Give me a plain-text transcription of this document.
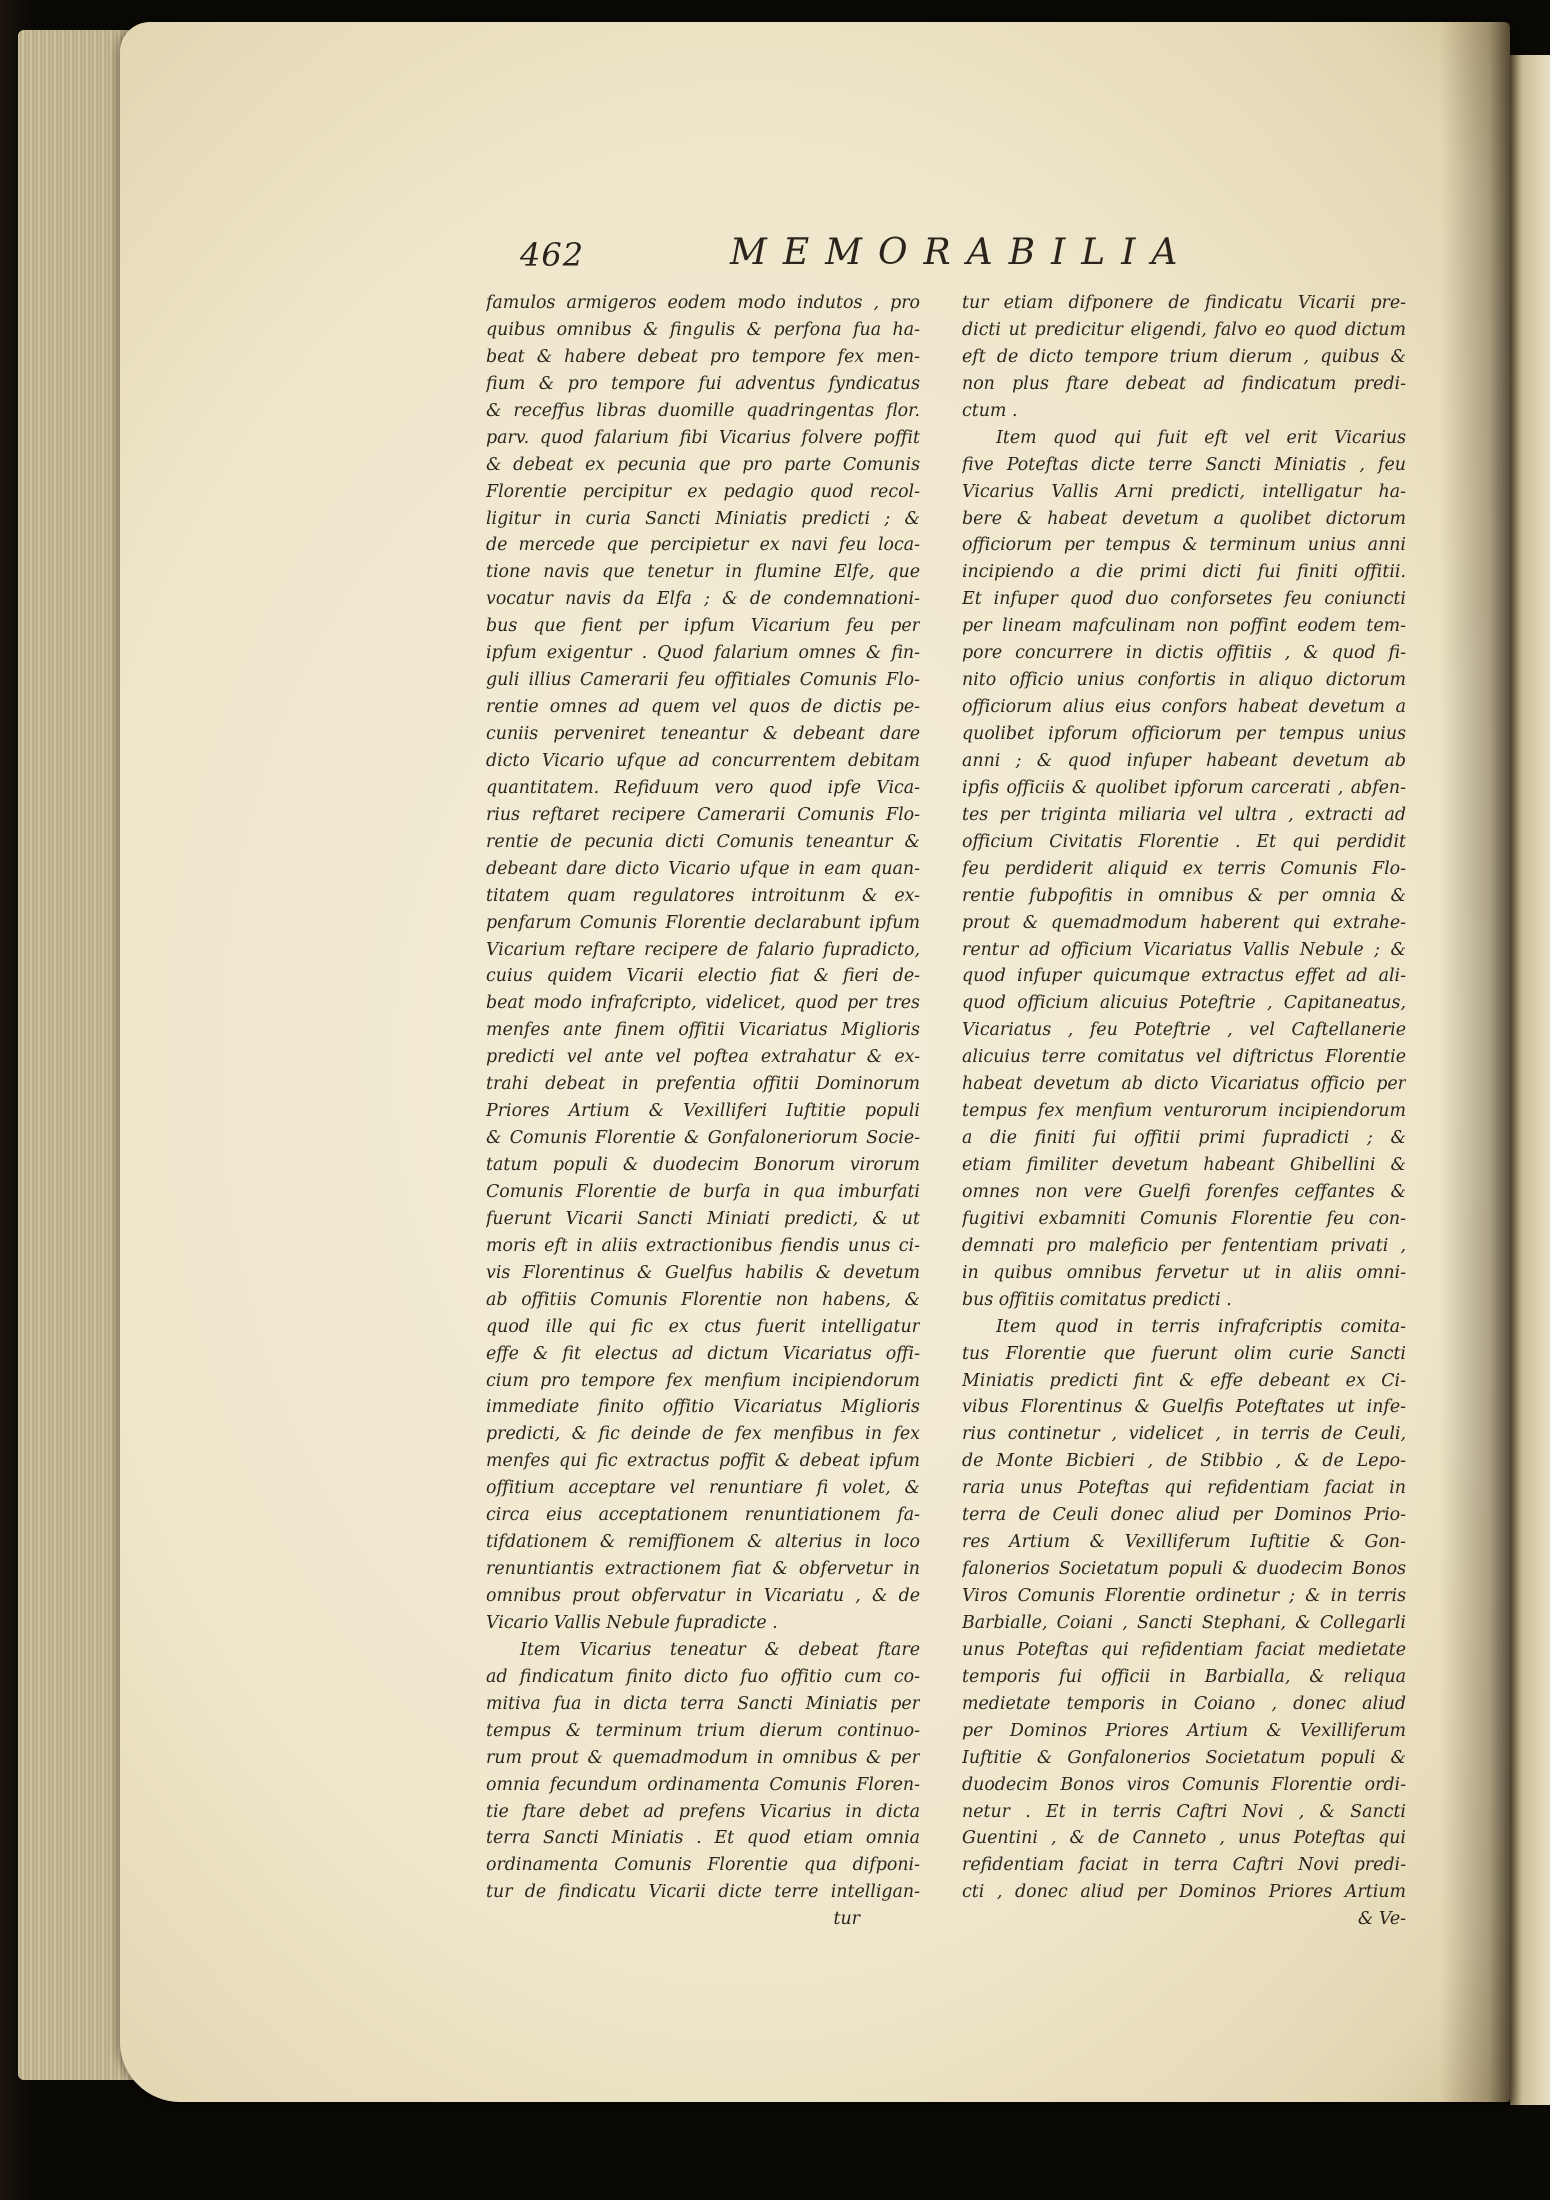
462	MEMORABILIA
famulos armigeros eodem modo indutos , pro
quibus omnibus & fingulis & perfona fua ha-
beat & habere debeat pro tempore fex men-
fium & pro tempore fui adventus fyndicatus
& receffus libras duomille quadringentas flor.
parv. quod falarium fibi Vicarius folvere poffit
& debeat ex pecunia que pro parte Comunis
Florentie percipitur ex pedagio quod recol-
ligitur in curia Sancti Miniatis predicti ; &
de mercede que percipietur ex navi feu loca-
tione navis que tenetur in flumine Elfe, que
vocatur navis da Elfa ; & de condemnationi-
bus que fient per ipfum Vicarium feu per
ipfum exigentur . Quod falarium omnes & fin-
guli illius Camerarii feu offitiales Comunis Flo-
rentie omnes ad quem vel quos de dictis pe-
cuniis perveniret teneantur & debeant dare
dicto Vicario ufque ad concurrentem debitam
quantitatem. Refiduum vero quod ipfe Vica-
rius reftaret recipere Camerarii Comunis Flo-
rentie de pecunia dicti Comunis teneantur &
debeant dare dicto Vicario ufque in eam quan-
titatem quam regulatores introitunm & ex-
penfarum Comunis Florentie declarabunt ipfum
Vicarium reftare recipere de falario fupradicto,
cuius quidem Vicarii electio fiat & fieri de-
beat modo infrafcripto, videlicet, quod per tres
menfes ante finem offitii Vicariatus Miglioris
predicti vel ante vel poftea extrahatur & ex-
trahi debeat in prefentia offitii Dominorum
Priores Artium & Vexilliferi Iuftitie populi
& Comunis Florentie & Gonfaloneriorum Socie-
tatum populi & duodecim Bonorum virorum
Comunis Florentie de burfa in qua imburfati
fuerunt Vicarii Sancti Miniati predicti, & ut
moris eft in aliis extractionibus fiendis unus ci-
vis Florentinus & Guelfus habilis & devetum
ab offitiis Comunis Florentie non habens, &
quod ille qui fic ex ctus fuerit intelligatur
effe & fit electus ad dictum Vicariatus offi-
cium pro tempore fex menfium incipiendorum
immediate finito offitio Vicariatus Miglioris
predicti, & fic deinde de fex menfibus in fex
menfes qui fic extractus poffit & debeat ipfum
offitium acceptare vel renuntiare fi volet, &
circa eius acceptationem renuntiationem fa-
tifdationem & remiffionem & alterius in loco
renuntiantis extractionem fiat & obfervetur in
omnibus prout obfervatur in Vicariatu , & de
Vicario Vallis Nebule fupradicte .
Item Vicarius teneatur & debeat ftare
ad findicatum finito dicto fuo offitio cum co-
mitiva fua in dicta terra Sancti Miniatis per
tempus & terminum trium dierum continuo-
rum prout & quemadmodum in omnibus & per
omnia fecundum ordinamenta Comunis Floren-
tie ftare debet ad prefens Vicarius in dicta
terra Sancti Miniatis . Et quod etiam omnia
ordinamenta Comunis Florentie qua difponi-
tur de findicatu Vicarii dicte terre intelligan-
tur
tur etiam difponere de findicatu Vicarii pre-
dicti ut predicitur eligendi, falvo eo quod dictum
eft de dicto tempore trium dierum , quibus &
non plus ftare debeat ad findicatum predi-
ctum .
Item quod qui fuit eft vel erit Vicarius
five Poteftas dicte terre Sancti Miniatis , feu
Vicarius Vallis Arni predicti, intelligatur ha-
bere & habeat devetum a quolibet dictorum
officiorum per tempus & terminum unius anni
incipiendo a die primi dicti fui finiti offitii.
Et infuper quod duo conforsetes feu coniuncti
per lineam mafculinam non poffint eodem tem-
pore concurrere in dictis offitiis , & quod fi-
nito officio unius confortis in aliquo dictorum
officiorum alius eius confors habeat devetum a
quolibet ipforum officiorum per tempus unius
anni ; & quod infuper habeant devetum ab
ipfis officiis & quolibet ipforum carcerati , abfen-
tes per triginta miliaria vel ultra , extracti ad
officium Civitatis Florentie . Et qui perdidit
feu perdiderit aliquid ex terris Comunis Flo-
rentie fubpofitis in omnibus & per omnia &
prout & quemadmodum haberent qui extrahe-
rentur ad officium Vicariatus Vallis Nebule ; &
quod infuper quicumque extractus effet ad ali-
quod officium alicuius Poteftrie , Capitaneatus,
Vicariatus , feu Poteftrie , vel Caftellanerie
alicuius terre comitatus vel diftrictus Florentie
habeat devetum ab dicto Vicariatus officio per
tempus fex menfium venturorum incipiendorum
a die finiti fui offitii primi fupradicti ; &
etiam fimiliter devetum habeant Ghibellini &
omnes non vere Guelfi forenfes ceffantes &
fugitivi exbamniti Comunis Florentie feu con-
demnati pro maleficio per fententiam privati ,
in quibus omnibus fervetur ut in aliis omni-
bus offitiis comitatus predicti .
Item quod in terris infrafcriptis comita-
tus Florentie que fuerunt olim curie Sancti
Miniatis predicti fint & effe debeant ex Ci-
vibus Florentinus & Guelfis Poteftates ut infe-
rius continetur , videlicet , in terris de Ceuli,
de Monte Bicbieri , de Stibbio , & de Lepo-
raria unus Poteftas qui refidentiam faciat in
terra de Ceuli donec aliud per Dominos Prio-
res Artium & Vexilliferum Iuftitie & Gon-
falonerios Societatum populi & duodecim Bonos
Viros Comunis Florentie ordinetur ; & in terris
Barbialle, Coiani , Sancti Stephani, & Collegarli
unus Poteftas qui refidentiam faciat medietate
temporis fui officii in Barbialla, & reliqua
medietate temporis in Coiano , donec aliud
per Dominos Priores Artium & Vexilliferum
Iuftitie & Gonfalonerios Societatum populi &
duodecim Bonos viros Comunis Florentie ordi-
netur . Et in terris Caftri Novi , & Sancti
Guentini , & de Canneto , unus Poteftas qui
refidentiam faciat in terra Caftri Novi predi-
cti , donec aliud per Dominos Priores Artium
& Ve-
